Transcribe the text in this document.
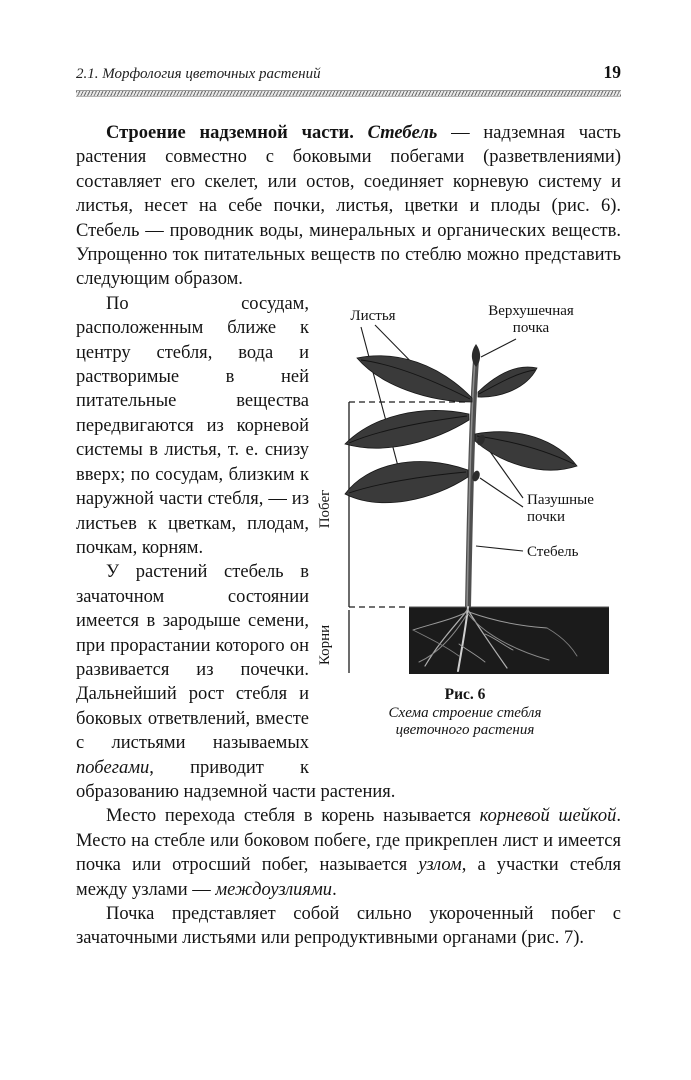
2.1. Морфология цветочных растений	19

Строение надземной части. Стебель — надземная часть растения совместно с боковыми побегами (разветвлениями) составляет его скелет, или остов, соединяет корневую систему и листья, несет на себе почки, листья, цветки и плоды (рис. 6). Стебель — проводник воды, минеральных и органических веществ. Упрощенно ток питательных веществ по стеблю можно представить следующим образом.

Листья	Верхушечная
почка
Пазушные
почки
Стебель
Побег
Корни
Рис. 6
Схема строение стебля
цветочного растения

По сосудам, расположенным ближе к центру стебля, вода и растворимые в ней питательные вещества передвигаются из корневой системы в листья, т. е. снизу вверх; по сосудам, близким к наружной части стебля, — из листьев к цветкам, плодам, почкам, корням.

У растений стебель в зачаточном состоянии имеется в зародыше семени, при прорастании которого он развивается из почечки. Дальнейший рост стебля и боковых ответвлений, вместе с листьями называемых побегами, приводит к образованию надземной части растения.

Место перехода стебля в корень называется корневой шейкой. Место на стебле или боковом побеге, где прикреплен лист и имеется почка или отросший побег, называется узлом, а участки стебля между узлами — междоузлиями.

Почка представляет собой сильно укороченный побег с зачаточными листьями или репродуктивными органами (рис. 7).
